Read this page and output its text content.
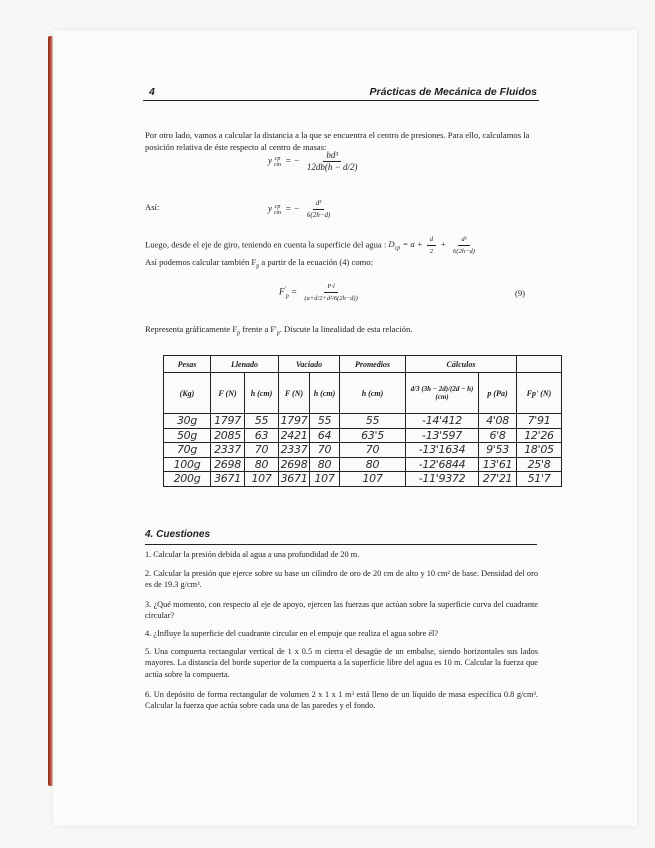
4	Prácticas de Mecánica de Fluidos
Por otro lado, vamos a calcular la distancia a la que se encuentra el centro de presiones. Para ello, calculamos la posición relativa de éste respecto al centro de masas:
y cp
cm = − $\frac{\text{bd³}}{12db(h - d/2)}$
Así:	y cp
cm = − $\frac{\text{d²}}{6(2h-d)}$
Luego, desde el eje de giro, teniendo en cuenta la superficie del agua : $D_{cp} = a + \frac{d}{2} + \frac{\text{d²}}{6(2h-d)}$
Así podemos calcular también $F_p$ a partir de la ecuación (4) como:
$F'_p = \frac{P\cdot l}{\text{(a+d/2+d²/6(2h−d))}}$	(9)
Representa gráficamente $F_p$ frente a $F'_p$. Discute la linealidad de esta relación.
Pesas	Llenado		Vaciado		Promedios	Cálculos		
(Kg)	F (N)	h (cm)	F (N)	h (cm)	h (cm)	d/3 (3h − 2d)/(2d − h) (cm)	p (Pa)	Fp' (N)
30g	1797	55	1797	55	55	-14'412	4'08	7'91
50g	2085	63	2421	64	63'5	-13'597	6'8	12'26
70g	2337	70	2337	70	70	-13'1634	9'53	18'05
100g	2698	80	2698	80	80	-12'6844	13'61	25'8
200g	3671	107	3671	107	107	-11'9372	27'21	51'7
4. Cuestiones
1. Calcular la presión debida al agua a una profundidad de 20 m.
2. Calcular la presión que ejerce sobre su base un cilindro de oro de 20 cm de alto y 10 cm² de base. Densidad del oro es de 19.3 g/cm³.
3. ¿Qué momento, con respecto al eje de apoyo, ejercen las fuerzas que actúan sobre la superficie curva del cuadrante circular?
4. ¿Influye la superficie del cuadrante circular en el empuje que realiza el agua sobre él?
5. Una compuerta rectangular vertical de 1 x 0.5 m cierra el desagüe de un embalse, siendo horizontales sus lados mayores. La distancia del borde superior de la compuerta a la superficie libre del agua es 10 m. Calcular la fuerza que actúa sobre la compuerta.
6. Un depósito de forma rectangular de volumen 2 x 1 x 1 m³ está lleno de un líquido de masa específica 0.8 g/cm³. Calcular la fuerza que actúa sobre cada una de las paredes y el fondo.
